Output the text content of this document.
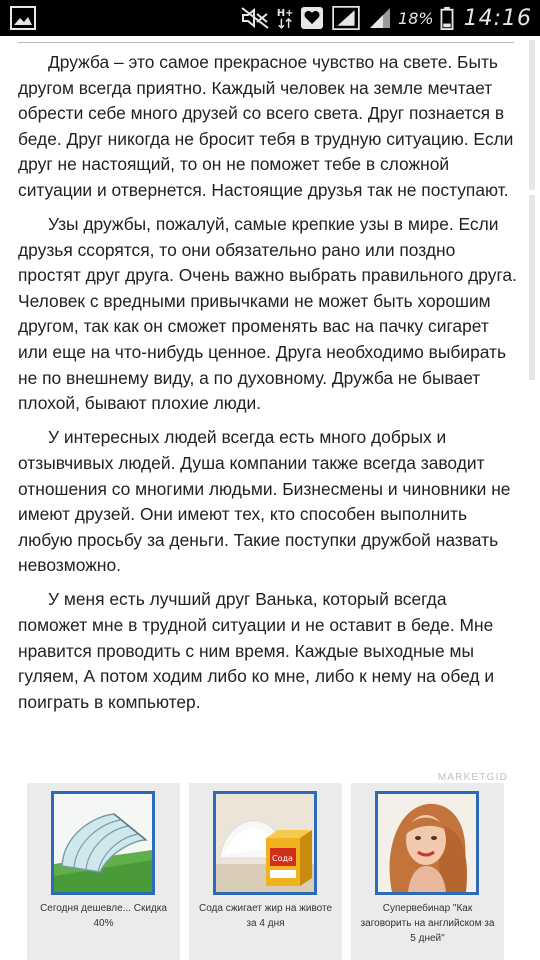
H+	18% 14:16

Дружба – это самое прекрасное чувство на свете. Быть другом всегда приятно. Каждый человек на земле мечтает обрести себе много друзей со всего света. Друг познается в беде. Друг никогда не бросит тебя в трудную ситуацию. Если друг не настоящий, то он не поможет тебе в сложной ситуации и отвернется. Настоящие друзья так не поступают.

Узы дружбы, пожалуй, самые крепкие узы в мире. Если друзья ссорятся, то они обязательно рано или поздно простят друг друга. Очень важно выбрать правильного друга. Человек с вредными привычками не может быть хорошим другом, так как он сможет променять вас на пачку сигарет или еще на что-нибудь ценное. Друга необходимо выбирать не по внешнему виду, а по духовному. Дружба не бывает плохой, бывают плохие люди.

У интересных людей всегда есть много добрых и отзывчивых людей. Душа компании также всегда заводит отношения со многими людьми. Бизнесмены и чиновники не имеют друзей. Они имеют тех, кто способен выполнить любую просьбу за деньги. Такие поступки дружбой назвать невозможно.

У меня есть лучший друг Ванька, который всегда поможет мне в трудной ситуации и не оставит в беде. Мне нравится проводить с ним время. Каждые выходные мы гуляем, А потом ходим либо ко мне, либо к нему на обед и поиграть в компьютер.

MARKETGID
Сегодня дешевле... Скидка 40%
Сода
Сода сжигает жир на животе за 4 дня
Супервебинар "Как заговорить на английском за 5 дней"
